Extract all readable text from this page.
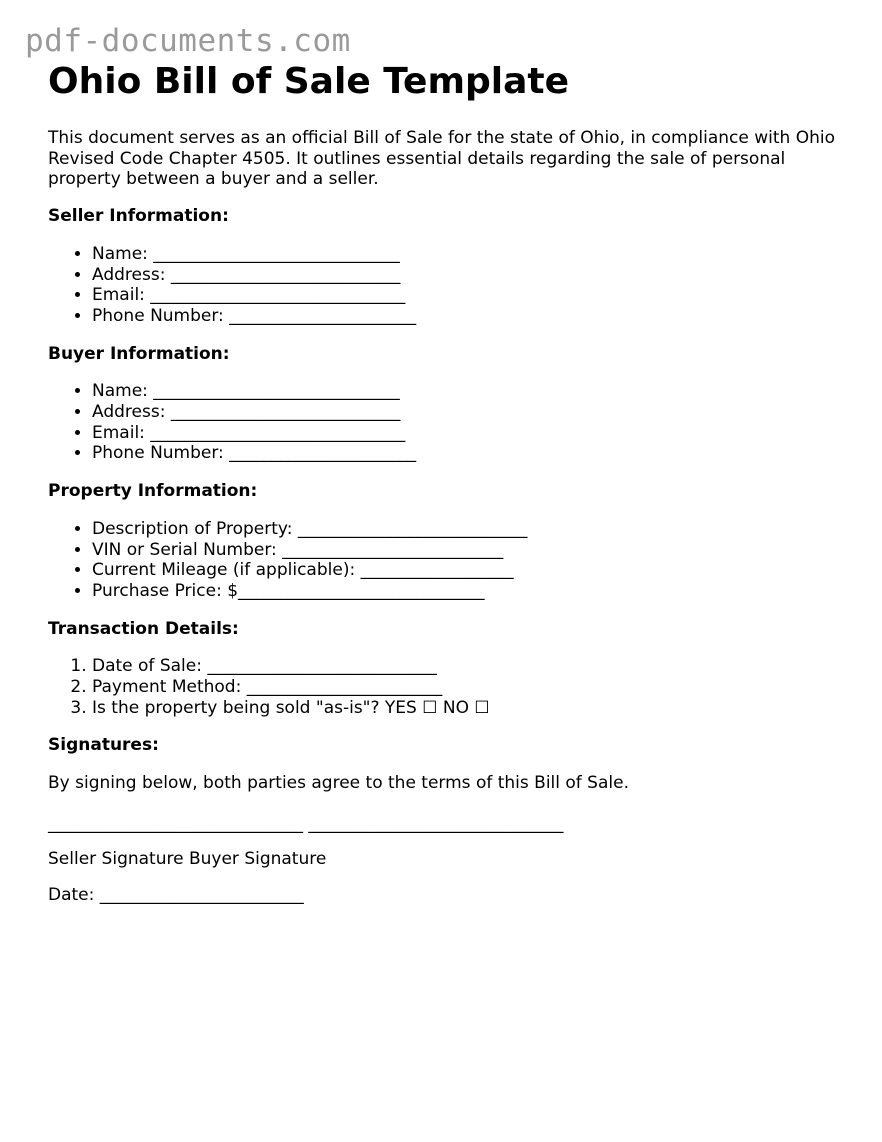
pdf-documents.com
Ohio Bill of Sale Template

This document serves as an official Bill of Sale for the state of Ohio, in compliance with Ohio Revised Code Chapter 4505. It outlines essential details regarding the sale of personal property between a buyer and a seller.

Seller Information:
• Name: _____________________________
• Address: ___________________________
• Email: ______________________________
• Phone Number: ______________________
Buyer Information:
• Name: _____________________________
• Address: ___________________________
• Email: ______________________________
• Phone Number: ______________________
Property Information:
• Description of Property: ___________________________
• VIN or Serial Number: __________________________
• Current Mileage (if applicable): __________________
• Purchase Price: $_____________________________
Transaction Details:
1. Date of Sale: ___________________________
2. Payment Method: _______________________
3. Is the property being sold "as-is"? YES ☐ NO ☐
Signatures:

By signing below, both parties agree to the terms of this Bill of Sale.

______________________________ ______________________________

Seller Signature Buyer Signature

Date: ________________________
